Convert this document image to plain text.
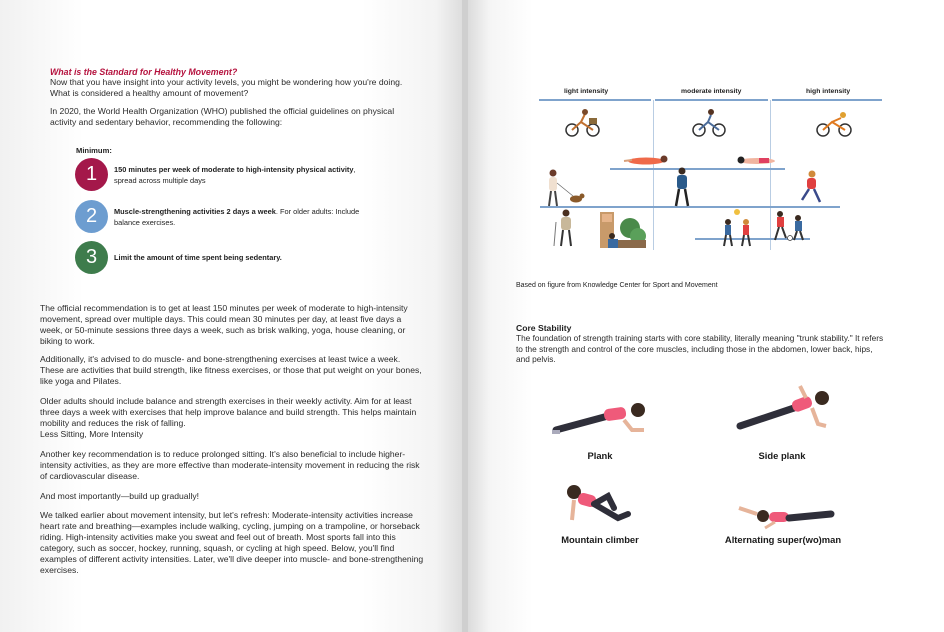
What is the Standard for Healthy Movement?

Now that you have insight into your activity levels, you might be wondering how you're doing. What is considered a healthy amount of movement?

In 2020, the World Health Organization (WHO) published the official guidelines on physical activity and sedentary behavior, recommending the following:

Minimum:
1	150 minutes per week of moderate to high-intensity physical activity, spread across multiple days
2	Muscle-strengthening activities 2 days a week. For older adults: Include balance exercises.
3	Limit the amount of time spent being sedentary.

The official recommendation is to get at least 150 minutes per week of moderate to high-intensity movement, spread over multiple days. This could mean 30 minutes per day, at least five days a week, or 50-minute sessions three days a week, such as brisk walking, yoga, house cleaning, or biking to work.

Additionally, it's advised to do muscle- and bone-strengthening exercises at least twice a week. These are activities that build strength, like fitness exercises, or those that put weight on your bones, like yoga and Pilates.

Older adults should include balance and strength exercises in their weekly activity. Aim for at least three days a week with exercises that help improve balance and build strength. This helps maintain mobility and reduces the risk of falling.

Less Sitting, More Intensity

Another key recommendation is to reduce prolonged sitting. It's also beneficial to include higher-intensity activities, as they are more effective than moderate-intensity movement in reducing the risk of cardiovascular disease.

And most importantly—build up gradually!

We talked earlier about movement intensity, but let's refresh: Moderate-intensity activities increase heart rate and breathing—examples include walking, cycling, jumping on a trampoline, or horseback riding. High-intensity activities make you sweat and feel out of breath. Most sports fall into this category, such as soccer, hockey, running, squash, or cycling at high speed. Below, you'll find examples of different activity intensities. Later, we'll dive deeper into muscle- and bone-strengthening exercises.

light intensity	moderate intensity	high intensity
Based on figure from Knowledge Center for Sport and Movement
Core Stability
The foundation of strength training starts with core stability, literally meaning "trunk stability." It refers to the strength and control of the core muscles, including those in the abdomen, lower back, hips, and pelvis.
Plank	Side plank
Mountain climber	Alternating super(wo)man
